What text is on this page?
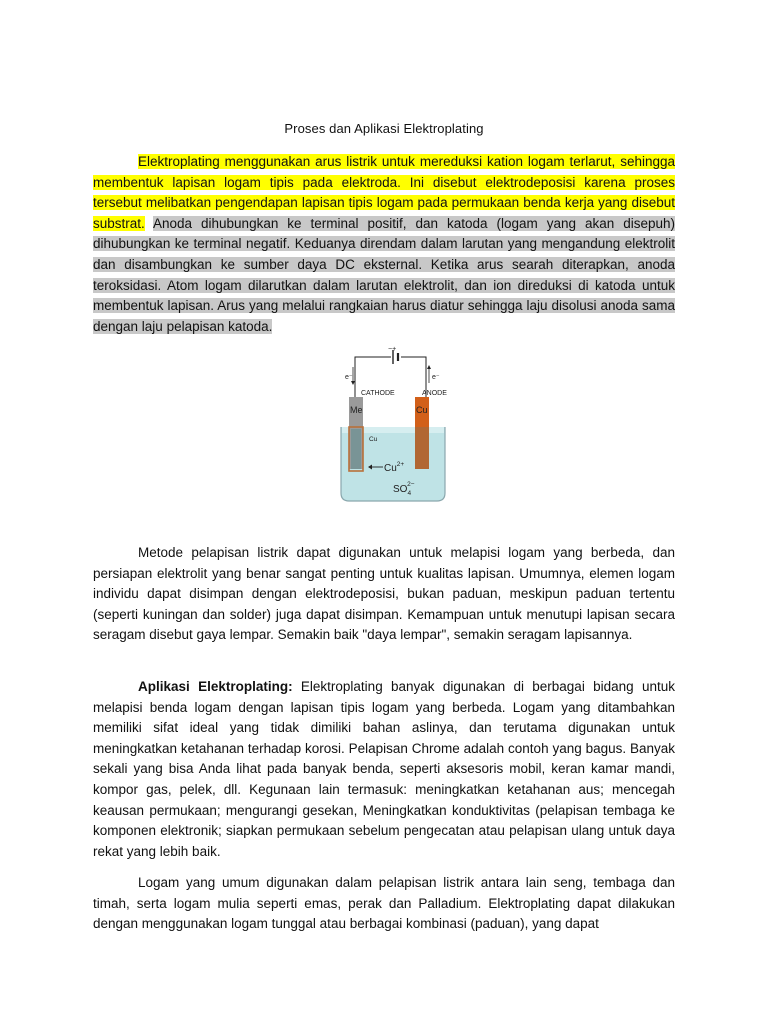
Proses dan Aplikasi Elektroplating

Elektroplating menggunakan arus listrik untuk mereduksi kation logam terlarut, sehingga membentuk lapisan logam tipis pada elektroda. Ini disebut elektrodeposisi karena proses tersebut melibatkan pengendapan lapisan tipis logam pada permukaan benda kerja yang disebut substrat. Anoda dihubungkan ke terminal positif, dan katoda (logam yang akan disepuh) dihubungkan ke terminal negatif. Keduanya direndam dalam larutan yang mengandung elektrolit dan disambungkan ke sumber daya DC eksternal. Ketika arus searah diterapkan, anoda teroksidasi. Atom logam dilarutkan dalam larutan elektrolit, dan ion direduksi di katoda untuk membentuk lapisan. Arus yang melalui rangkaian harus diatur sehingga laju disolusi anoda sama dengan laju pelapisan katoda.

−+
e⁻	e⁻
CATHODE	ANODE
Me
Cu
Cu
$Cu^{2+}$
$SO_42-$

Metode pelapisan listrik dapat digunakan untuk melapisi logam yang berbeda, dan persiapan elektrolit yang benar sangat penting untuk kualitas lapisan. Umumnya, elemen logam individu dapat disimpan dengan elektrodeposisi, bukan paduan, meskipun paduan tertentu (seperti kuningan dan solder) juga dapat disimpan. Kemampuan untuk menutupi lapisan secara seragam disebut gaya lempar. Semakin baik "daya lempar", semakin seragam lapisannya.

Aplikasi Elektroplating: Elektroplating banyak digunakan di berbagai bidang untuk melapisi benda logam dengan lapisan tipis logam yang berbeda. Logam yang ditambahkan memiliki sifat ideal yang tidak dimiliki bahan aslinya, dan terutama digunakan untuk meningkatkan ketahanan terhadap korosi. Pelapisan Chrome adalah contoh yang bagus. Banyak sekali yang bisa Anda lihat pada banyak benda, seperti aksesoris mobil, keran kamar mandi, kompor gas, pelek, dll. Kegunaan lain termasuk: meningkatkan ketahanan aus; mencegah keausan permukaan; mengurangi gesekan, Meningkatkan konduktivitas (pelapisan tembaga ke komponen elektronik; siapkan permukaan sebelum pengecatan atau pelapisan ulang untuk daya rekat yang lebih baik.

Logam yang umum digunakan dalam pelapisan listrik antara lain seng, tembaga dan timah, serta logam mulia seperti emas, perak dan Palladium. Elektroplating dapat dilakukan dengan menggunakan logam tunggal atau berbagai kombinasi (paduan), yang dapat
